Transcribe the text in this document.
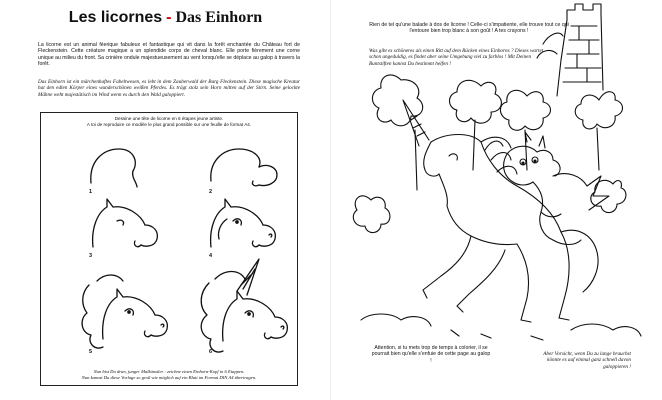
Les licornes - Das Einhorn

La licorne est un animal féerique fabuleux et fantastique qui vit dans la forêt enchantée du Château fort de Fleckenstein. Cette créature magique a un splendide corps de cheval blanc. Elle porte fièrement une corne unique au milieu du front. Sa crinière ondule majestueusement au vent lorsqu'elle se déplace au galop à travers la forêt.

Das Einhorn ist ein märchenhaftes Fabeltwesen, es lebt in dem Zauberwald der Burg Fleckenstein. Diese magische Kreatur hat den edlen Körper eines wunderschönen weißen Pferdes. Es trägt stolz sein Horn mitten auf der Stirn. Seine gelockte Mähne weht majestätisch im Wind wenn es durch den Wald galoppiert.

Dessine une tête de licorne en 6 étapes jeune artiste.
A toi de reproduire ce modèle le plus grand possible sur une feuille de format A4.
1	2
3	4
5	6
Nun bist Du dran, junger Malkünstler : zeichne einen Einhorn-Kopf in 6 Etappen.
Nun kannst Du diese Vorlage so groß wie möglich auf ein Blatt im Format DIN A4 übertragen.

Rien de tel qu'une balade à dos de licorne ! Celle-ci s'impatiente, elle trouve tout ce qui l'entoure bien trop blanc à son goût ! A tes crayons !

Was gibt es schöneres als einen Ritt auf dem Rücken eines Einhorns ? Dieses wartet schon ungeduldig, es findet aber seine Umgebung viel zu farblos ! Mit Deinen Buntstiften kannst Du bestimmt helfen !

Attention, si tu mets trop de temps à colorier, il se pourrait bien qu'elle s'enfuie de cette page au galop !

Aber Vorsicht, wenn Du zu lange brauchst könnte es auf einmal ganz schnell davon galoppieren !
